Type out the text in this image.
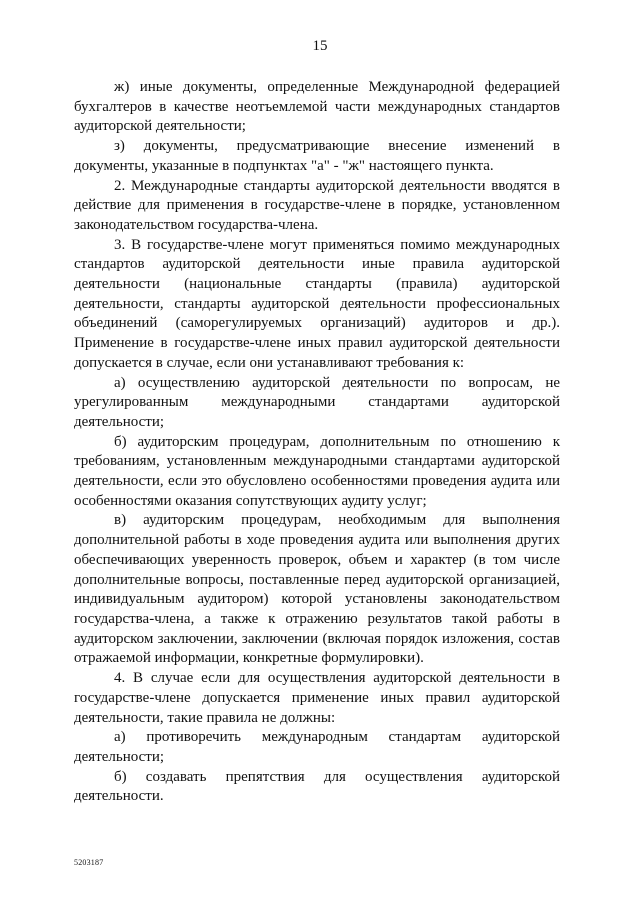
15

ж) иные документы, определенные Международной федерацией бухгалтеров в качестве неотъемлемой части международных стандартов аудиторской деятельности;

з) документы, предусматривающие внесение изменений в документы, указанные в подпунктах "а" - "ж" настоящего пункта.

2. Международные стандарты аудиторской деятельности вводятся в действие для применения в государстве-члене в порядке, установленном законодательством государства-члена.

3. В государстве-члене могут применяться помимо международных стандартов аудиторской деятельности иные правила аудиторской деятельности (национальные стандарты (правила) аудиторской деятельности, стандарты аудиторской деятельности профессиональных объединений (саморегулируемых организаций) аудиторов и др.). Применение в государстве-члене иных правил аудиторской деятельности допускается в случае, если они устанавливают требования к:

а) осуществлению аудиторской деятельности по вопросам, не урегулированным международными стандартами аудиторской деятельности;

б) аудиторским процедурам, дополнительным по отношению к требованиям, установленным международными стандартами аудиторской деятельности, если это обусловлено особенностями проведения аудита или особенностями оказания сопутствующих аудиту услуг;

в) аудиторским процедурам, необходимым для выполнения дополнительной работы в ходе проведения аудита или выполнения других обеспечивающих уверенность проверок, объем и характер (в том числе дополнительные вопросы, поставленные перед аудиторской организацией, индивидуальным аудитором) которой установлены законодательством государства-члена, а также к отражению результатов такой работы в аудиторском заключении, заключении (включая порядок изложения, состав отражаемой информации, конкретные формулировки).

4. В случае если для осуществления аудиторской деятельности в государстве-члене допускается применение иных правил аудиторской деятельности, такие правила не должны:

а) противоречить международным стандартам аудиторской деятельности;

б) создавать препятствия для осуществления аудиторской деятельности.

5203187
